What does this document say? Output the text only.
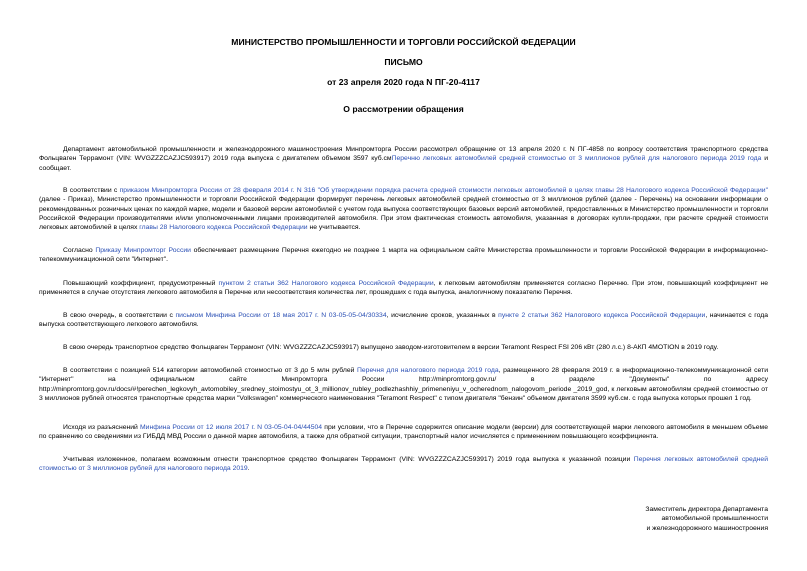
МИНИСТЕРСТВО ПРОМЫШЛЕННОСТИ И ТОРГОВЛИ РОССИЙСКОЙ ФЕДЕРАЦИИ
ПИСЬМО
от 23 апреля 2020 года N ПГ-20-4117
О рассмотрении обращения
Департамент автомобильной промышленности и железнодорожного машиностроения Минпромторга России рассмотрел обращение от 13 апреля 2020 г. N ПГ-4858 по вопросу соответствия транспортного средства Фольцваген Террамонт (VIN: WVGZZZCAZJC593917) 2019 года выпуска с двигателем объемом 3597 куб.смПеречню легковых автомобилей средней стоимостью от 3 миллионов рублей для налогового периода 2019 года и сообщает.
В соответствии с приказом Минпромторга России от 28 февраля 2014 г. N 316 "Об утверждении порядка расчета средней стоимости легковых автомобилей в целях главы 28 Налогового кодекса Российской Федерации" (далее - Приказ), Министерство промышленности и торговли Российской Федерации формирует перечень легковых автомобилей средней стоимостью от 3 миллионов рублей (далее - Перечень) на основании информации о рекомендованных розничных ценах по каждой марке, модели и базовой версии автомобилей с учетом года выпуска соответствующих базовых версий автомобилей, предоставленных в Министерство промышленности и торговли Российской Федерации производителями и/или уполномоченными лицами производителей автомобиля. При этом фактическая стоимость автомобиля, указанная в договорах купли-продажи, при расчете средней стоимости легковых автомобилей в целях главы 28 Налогового кодекса Российской Федерации не учитывается.
Согласно Приказу Минпромторг России обеспечивает размещение Перечня ежегодно не позднее 1 марта на официальном сайте Министерства промышленности и торговли Российской Федерации в информационно-телекоммуникационной сети "Интернет".
Повышающий коэффициент, предусмотренный пунктом 2 статьи 362 Налогового кодекса Российской Федерации, к легковым автомобилям применяется согласно Перечню. При этом, повышающий коэффициент не применяется в случае отсутствия легкового автомобиля в Перечне или несоответствия количества лет, прошедших с года выпуска, аналогичному показателю Перечня.
В свою очередь, в соответствии с письмом Минфина России от 18 мая 2017 г. N 03-05-05-04/30334, исчисление сроков, указанных в пункте 2 статьи 362 Налогового кодекса Российской Федерации, начинается с года выпуска соответствующего легкового автомобиля.
В свою очередь транспортное средство Фольцваген Террамонт (VIN: WVGZZZCAZJC593917) выпущено заводом-изготовителем в версии Teramont Respect FSI 206 кВт (280 л.с.) 8-АКП 4MOTION в 2019 году.
В соответствии с позицией 514 категории автомобилей стоимостью от 3 до 5 млн рублей Перечня для налогового периода 2019 года, размещенного 28 февраля 2019 г. в информационно-телекоммуникационной сети "Интернет" на официальном сайте Минпромторга России http://minpromtorg.gov.ru/ в разделе "Документы" по адресу http://minpromtorg.gov.ru/docs/#!perechen_legkovyh_avtomobiley_sredney_stoimostyu_ot_3_millionov_rubley_podlezhashhiy_primeneniyu_v_ocherednom_nalogovom_periode _2019_god, к легковым автомобилям средней стоимостью от 3 миллионов рублей относятся транспортные средства марки "Volkswagen" коммерческого наименования "Teramont Respect" с типом двигателя "бензин" объемом двигателя 3599 куб.см. с года выпуска которых прошел 1 год.
Исходя из разъяснений Минфина России от 12 июля 2017 г. N 03-05-04-04/44504 при условии, что в Перечне содержится описание модели (версии) для соответствующей марки легкового автомобиля в меньшем объеме по сравнению со сведениями из ГИБДД МВД России о данной марке автомобиля, а также для обратной ситуации, транспортный налог исчисляется с применением повышающего коэффициента.
Учитывая изложенное, полагаем возможным отнести транспортное средство Фольцваген Террамонт (VIN: WVGZZZCAZJC593917) 2019 года выпуска к указанной позиции Перечня легковых автомобилей средней стоимостью от 3 миллионов рублей для налогового периода 2019.
Заместитель директора Департамента
автомобильной промышленности
и железнодорожного машиностроения
